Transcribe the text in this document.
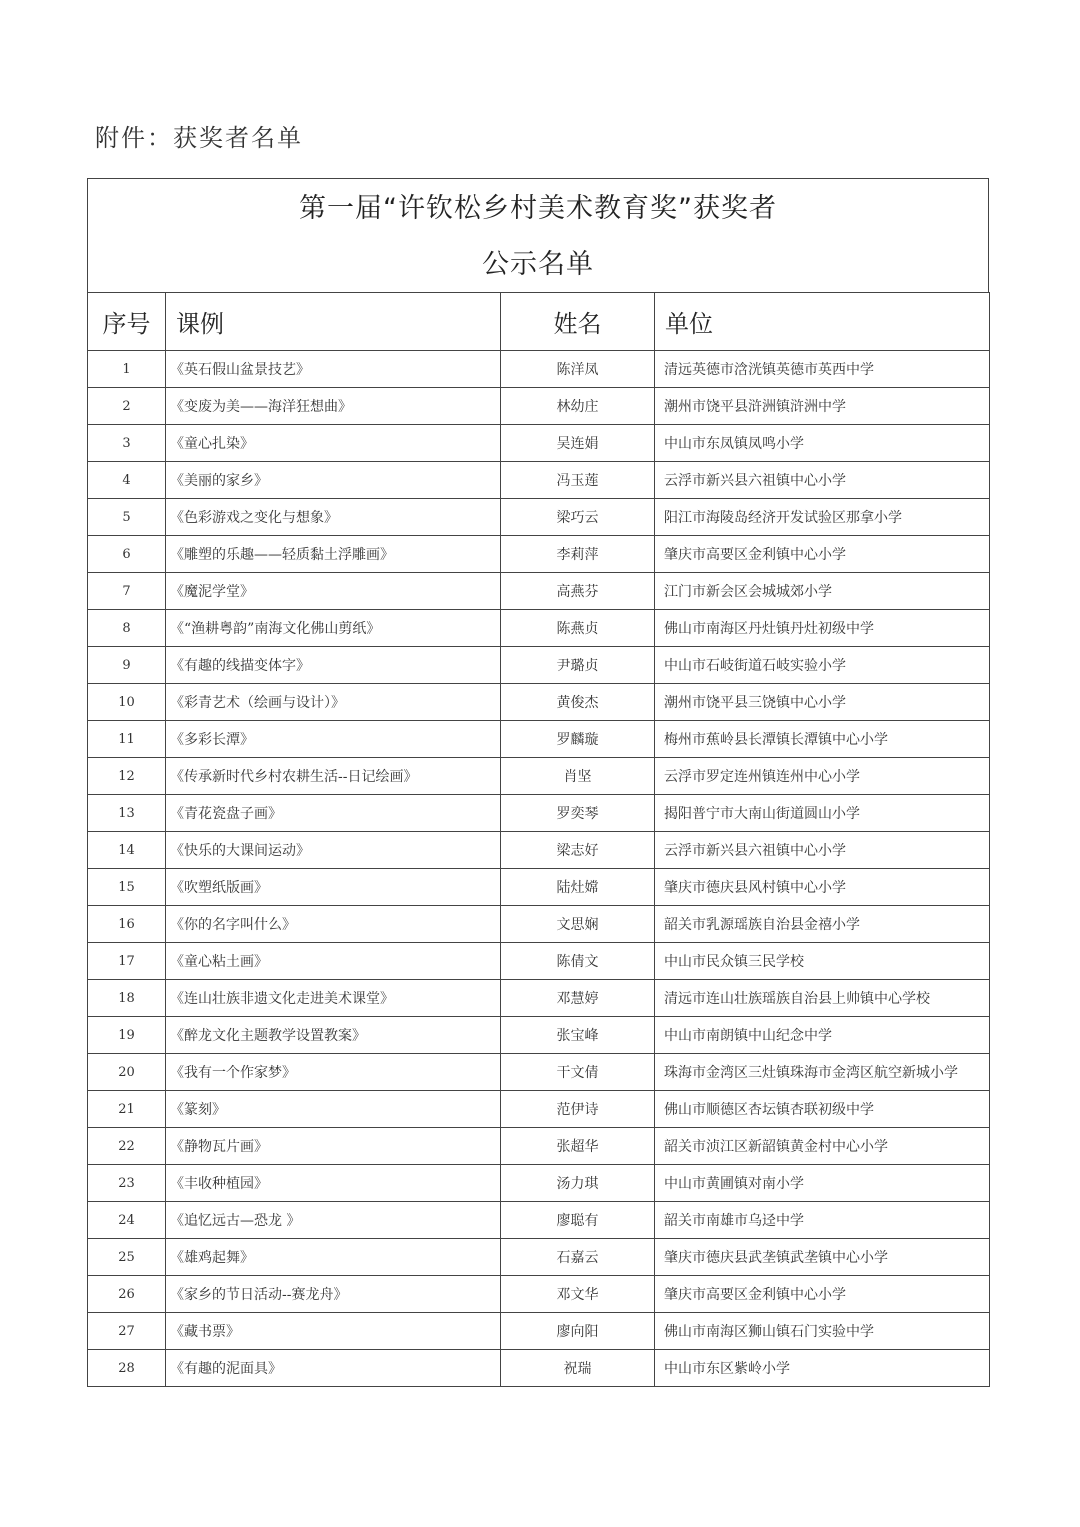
附件：获奖者名单
第一届“许钦松乡村美术教育奖”获奖者
公示名单
序号	课例	姓名	单位
1	《英石假山盆景技艺》	陈洋凤	清远英德市浛洸镇英德市英西中学
2	《变废为美——海洋狂想曲》	林幼庄	潮州市饶平县浒洲镇浒洲中学
3	《童心扎染》	吴连娟	中山市东凤镇凤鸣小学
4	《美丽的家乡》	冯玉莲	云浮市新兴县六祖镇中心小学
5	《色彩游戏之变化与想象》	梁巧云	阳江市海陵岛经济开发试验区那拿小学
6	《雕塑的乐趣——轻质黏土浮雕画》	李莉萍	肇庆市高要区金利镇中心小学
7	《魔泥学堂》	高燕芬	江门市新会区会城城郊小学
8	《“渔耕粤韵”南海文化佛山剪纸》	陈燕贞	佛山市南海区丹灶镇丹灶初级中学
9	《有趣的线描变体字》	尹璐贞	中山市石岐街道石岐实验小学
10	《彩青艺术（绘画与设计）》	黄俊杰	潮州市饶平县三饶镇中心小学
11	《多彩长潭》	罗麟璇	梅州市蕉岭县长潭镇长潭镇中心小学
12	《传承新时代乡村农耕生活--日记绘画》	肖坚	云浮市罗定连州镇连州中心小学
13	《青花瓷盘子画》	罗奕琴	揭阳普宁市大南山街道圆山小学
14	《快乐的大课间运动》	梁志好	云浮市新兴县六祖镇中心小学
15	《吹塑纸版画》	陆灶嫦	肇庆市德庆县风村镇中心小学
16	《你的名字叫什么》	文思娴	韶关市乳源瑶族自治县金禧小学
17	《童心粘土画》	陈倩文	中山市民众镇三民学校
18	《连山壮族非遗文化走进美术课堂》	邓慧婷	清远市连山壮族瑶族自治县上帅镇中心学校
19	《醉龙文化主题教学设置教案》	张宝峰	中山市南朗镇中山纪念中学
20	《我有一个作家梦》	干文倩	珠海市金湾区三灶镇珠海市金湾区航空新城小学
21	《篆刻》	范伊诗	佛山市顺德区杏坛镇杏联初级中学
22	《静物瓦片画》	张超华	韶关市浈江区新韶镇黄金村中心小学
23	《丰收种植园》	汤力琪	中山市黄圃镇对南小学
24	《追忆远古—恐龙 》	廖聪有	韶关市南雄市乌迳中学
25	《雄鸡起舞》	石嘉云	肇庆市德庆县武垄镇武垄镇中心小学
26	《家乡的节日活动--赛龙舟》	邓文华	肇庆市高要区金利镇中心小学
27	《藏书票》	廖向阳	佛山市南海区狮山镇石门实验中学
28	《有趣的泥面具》	祝瑞	中山市东区紫岭小学
